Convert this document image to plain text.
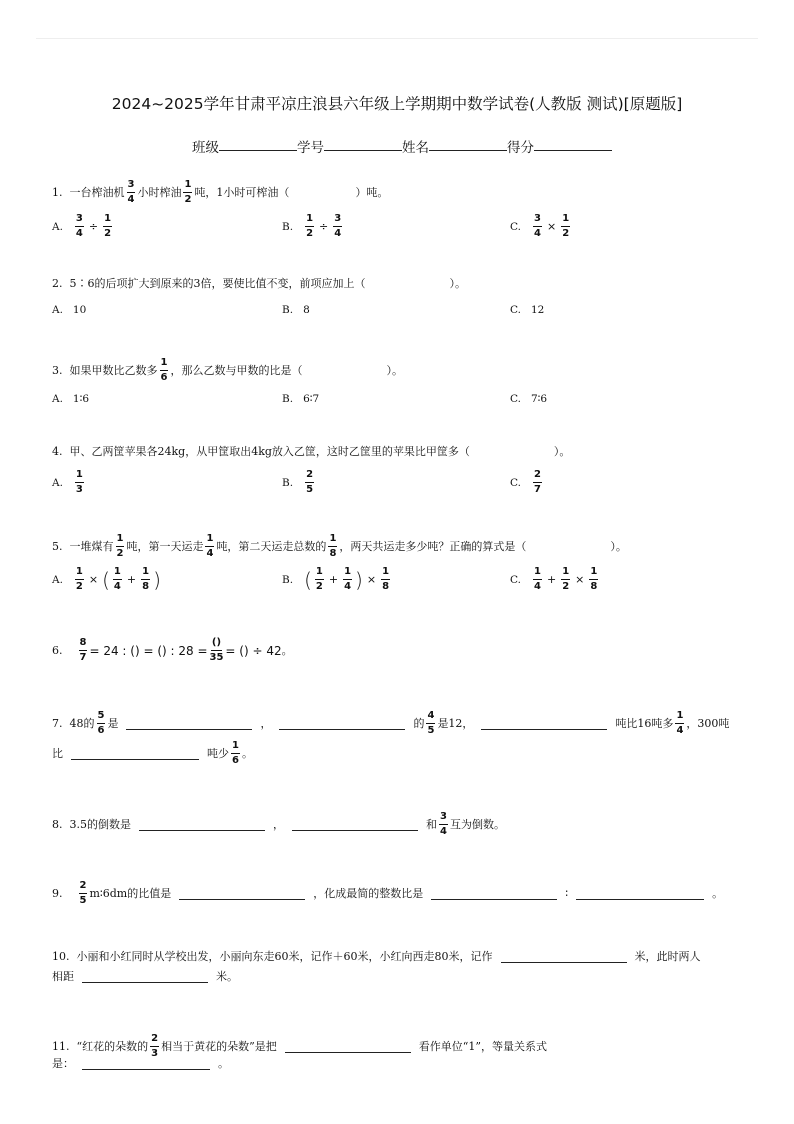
2024~2025学年甘肃平凉庄浪县六年级上学期期中数学试卷(人教版 测试)[原题版]
班级	学号	姓名	得分
1.
一台榨油机
3
4
小时榨油
1
2
吨，1小时可榨油（	）吨。
A. $\frac{3}{4} \div \frac{1}{2}$	B. $\frac{1}{2} \div \frac{3}{4}$	C. $\frac{3}{4} \times \frac{1}{2}$
2.
5∶6的后项扩大到原来的3倍，要使比值不变，前项应加上（	）。
A. 10	B. 8	C. 12
3.
如果甲数比乙数多
1
6
，那么乙数与甲数的比是（	）。
A. 1∶6	B. 6∶7	C. 7∶6
4.
甲、乙两筐苹果各24kg，从甲筐取出4kg放入乙筐，这时乙筐里的苹果比甲筐多（	）。
A.
1
3
B.
2
5
C.
2
7
5.
一堆煤有
1
2
吨，第一天运走
1
4
吨，第二天运走总数的
1
8
，两天共运走多少吨？正确的算式是（	）。
A. $\frac{1}{2}$ × ( 1
4
+ $\frac{1}{8}$ )	B. ( 1
2
+ $\frac{1}{4}$ ) × $\frac{1}{8}$	C.
1
4
+ $\frac{1}{2} \times \frac{1}{8}$
6.
$\frac{8}{7} = 24$ : () = () : 28 =
()
35 = () ÷ 42 。
7.
48的
5
6
是	，	的
4
5
是12，	吨比16吨多
1
4
，300吨
比	吨少
1
6
。
8.
3.5的倒数是	，	和
3
4
互为倒数。
9.

2
5
m∶6dm的比值是	，化成最简的整数比是	∶	。
10.
小丽和小红同时从学校出发，小丽向东走60米，记作＋60米，小红向西走80米，记作	米，此时两人
相距	米。
11.
“红花的朵数的
2
3
相当于黄花的朵数”是把	看作单位“1”，等量关系式
是：	。
